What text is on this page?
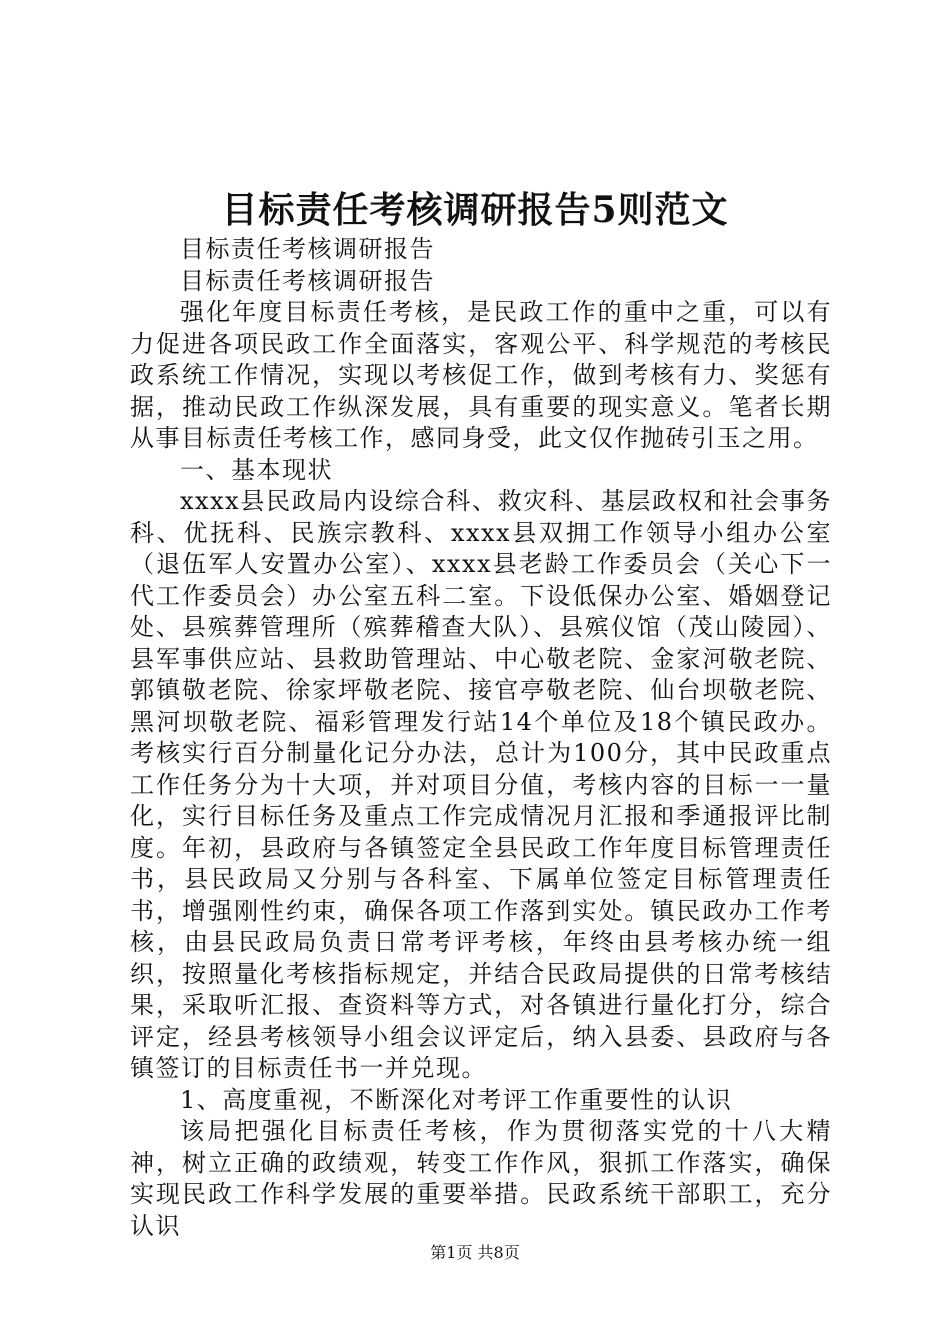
目标责任考核调研报告5则范文

目标责任考核调研报告

目标责任考核调研报告

强化年度目标责任考核，是民政工作的重中之重，可以有力促进各项民政工作全面落实，客观公平、科学规范的考核民政系统工作情况，实现以考核促工作，做到考核有力、奖惩有据，推动民政工作纵深发展，具有重要的现实意义。笔者长期从事目标责任考核工作，感同身受，此文仅作抛砖引玉之用。

一、基本现状

xxxx县民政局内设综合科、救灾科、基层政权和社会事务科、优抚科、民族宗教科、xxxx县双拥工作领导小组办公室（退伍军人安置办公室）、xxxx县老龄工作委员会（关心下一代工作委员会）办公室五科二室。下设低保办公室、婚姻登记处、县殡葬管理所（殡葬稽查大队）、县殡仪馆（茂山陵园）、县军事供应站、县救助管理站、中心敬老院、金家河敬老院、郭镇敬老院、徐家坪敬老院、接官亭敬老院、仙台坝敬老院、黑河坝敬老院、福彩管理发行站14个单位及18个镇民政办。考核实行百分制量化记分办法，总计为100分，其中民政重点工作任务分为十大项，并对项目分值，考核内容的目标一一量化，实行目标任务及重点工作完成情况月汇报和季通报评比制度。年初，县政府与各镇签定全县民政工作年度目标管理责任书，县民政局又分别与各科室、下属单位签定目标管理责任书，增强刚性约束，确保各项工作落到实处。镇民政办工作考核，由县民政局负责日常考评考核，年终由县考核办统一组织，按照量化考核指标规定，并结合民政局提供的日常考核结果，采取听汇报、查资料等方式，对各镇进行量化打分，综合评定，经县考核领导小组会议评定后，纳入县委、县政府与各镇签订的目标责任书一并兑现。

1、高度重视，不断深化对考评工作重要性的认识

该局把强化目标责任考核，作为贯彻落实党的十八大精神，树立正确的政绩观，转变工作作风，狠抓工作落实，确保实现民政工作科学发展的重要举措。民政系统干部职工，充分认识

第1页 共8页
